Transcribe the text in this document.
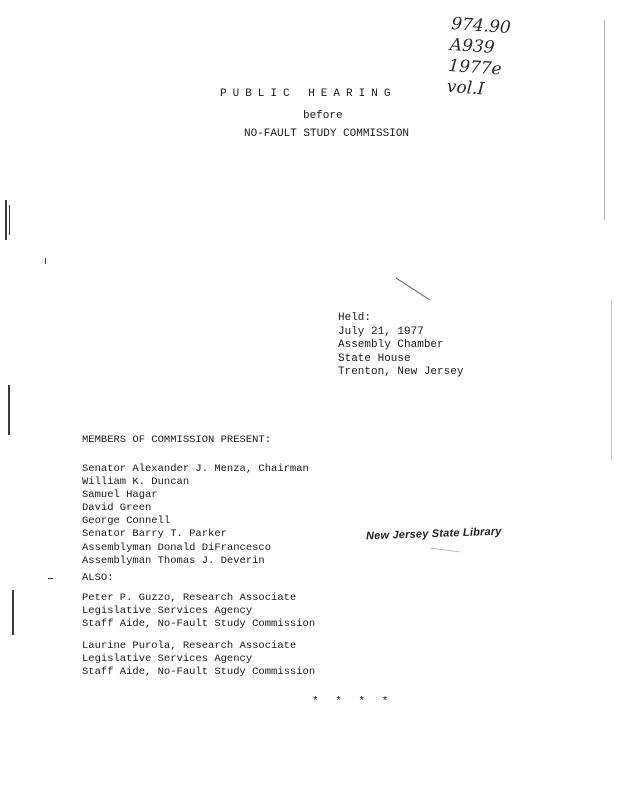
974.90
A939
1977e
vol.I
PUBLIC HEARING
before
NO-FAULT STUDY COMMISSION
Held:
July 21, 1977
Assembly Chamber
State House
Trenton, New Jersey
MEMBERS OF COMMISSION PRESENT:
Senator Alexander J. Menza, Chairman
William K. Duncan
Samuel Hagar
David Green
George Connell
Senator Barry T. Parker
Assemblyman Donald DiFrancesco
Assemblyman Thomas J. Deverin
New Jersey State Library
ALSO:
Peter P. Guzzo, Research Associate
Legislative Services Agency
Staff Aide, No-Fault Study Commission
Laurine Purola, Research Associate
Legislative Services Agency
Staff Aide, No-Fault Study Commission
* * * *
